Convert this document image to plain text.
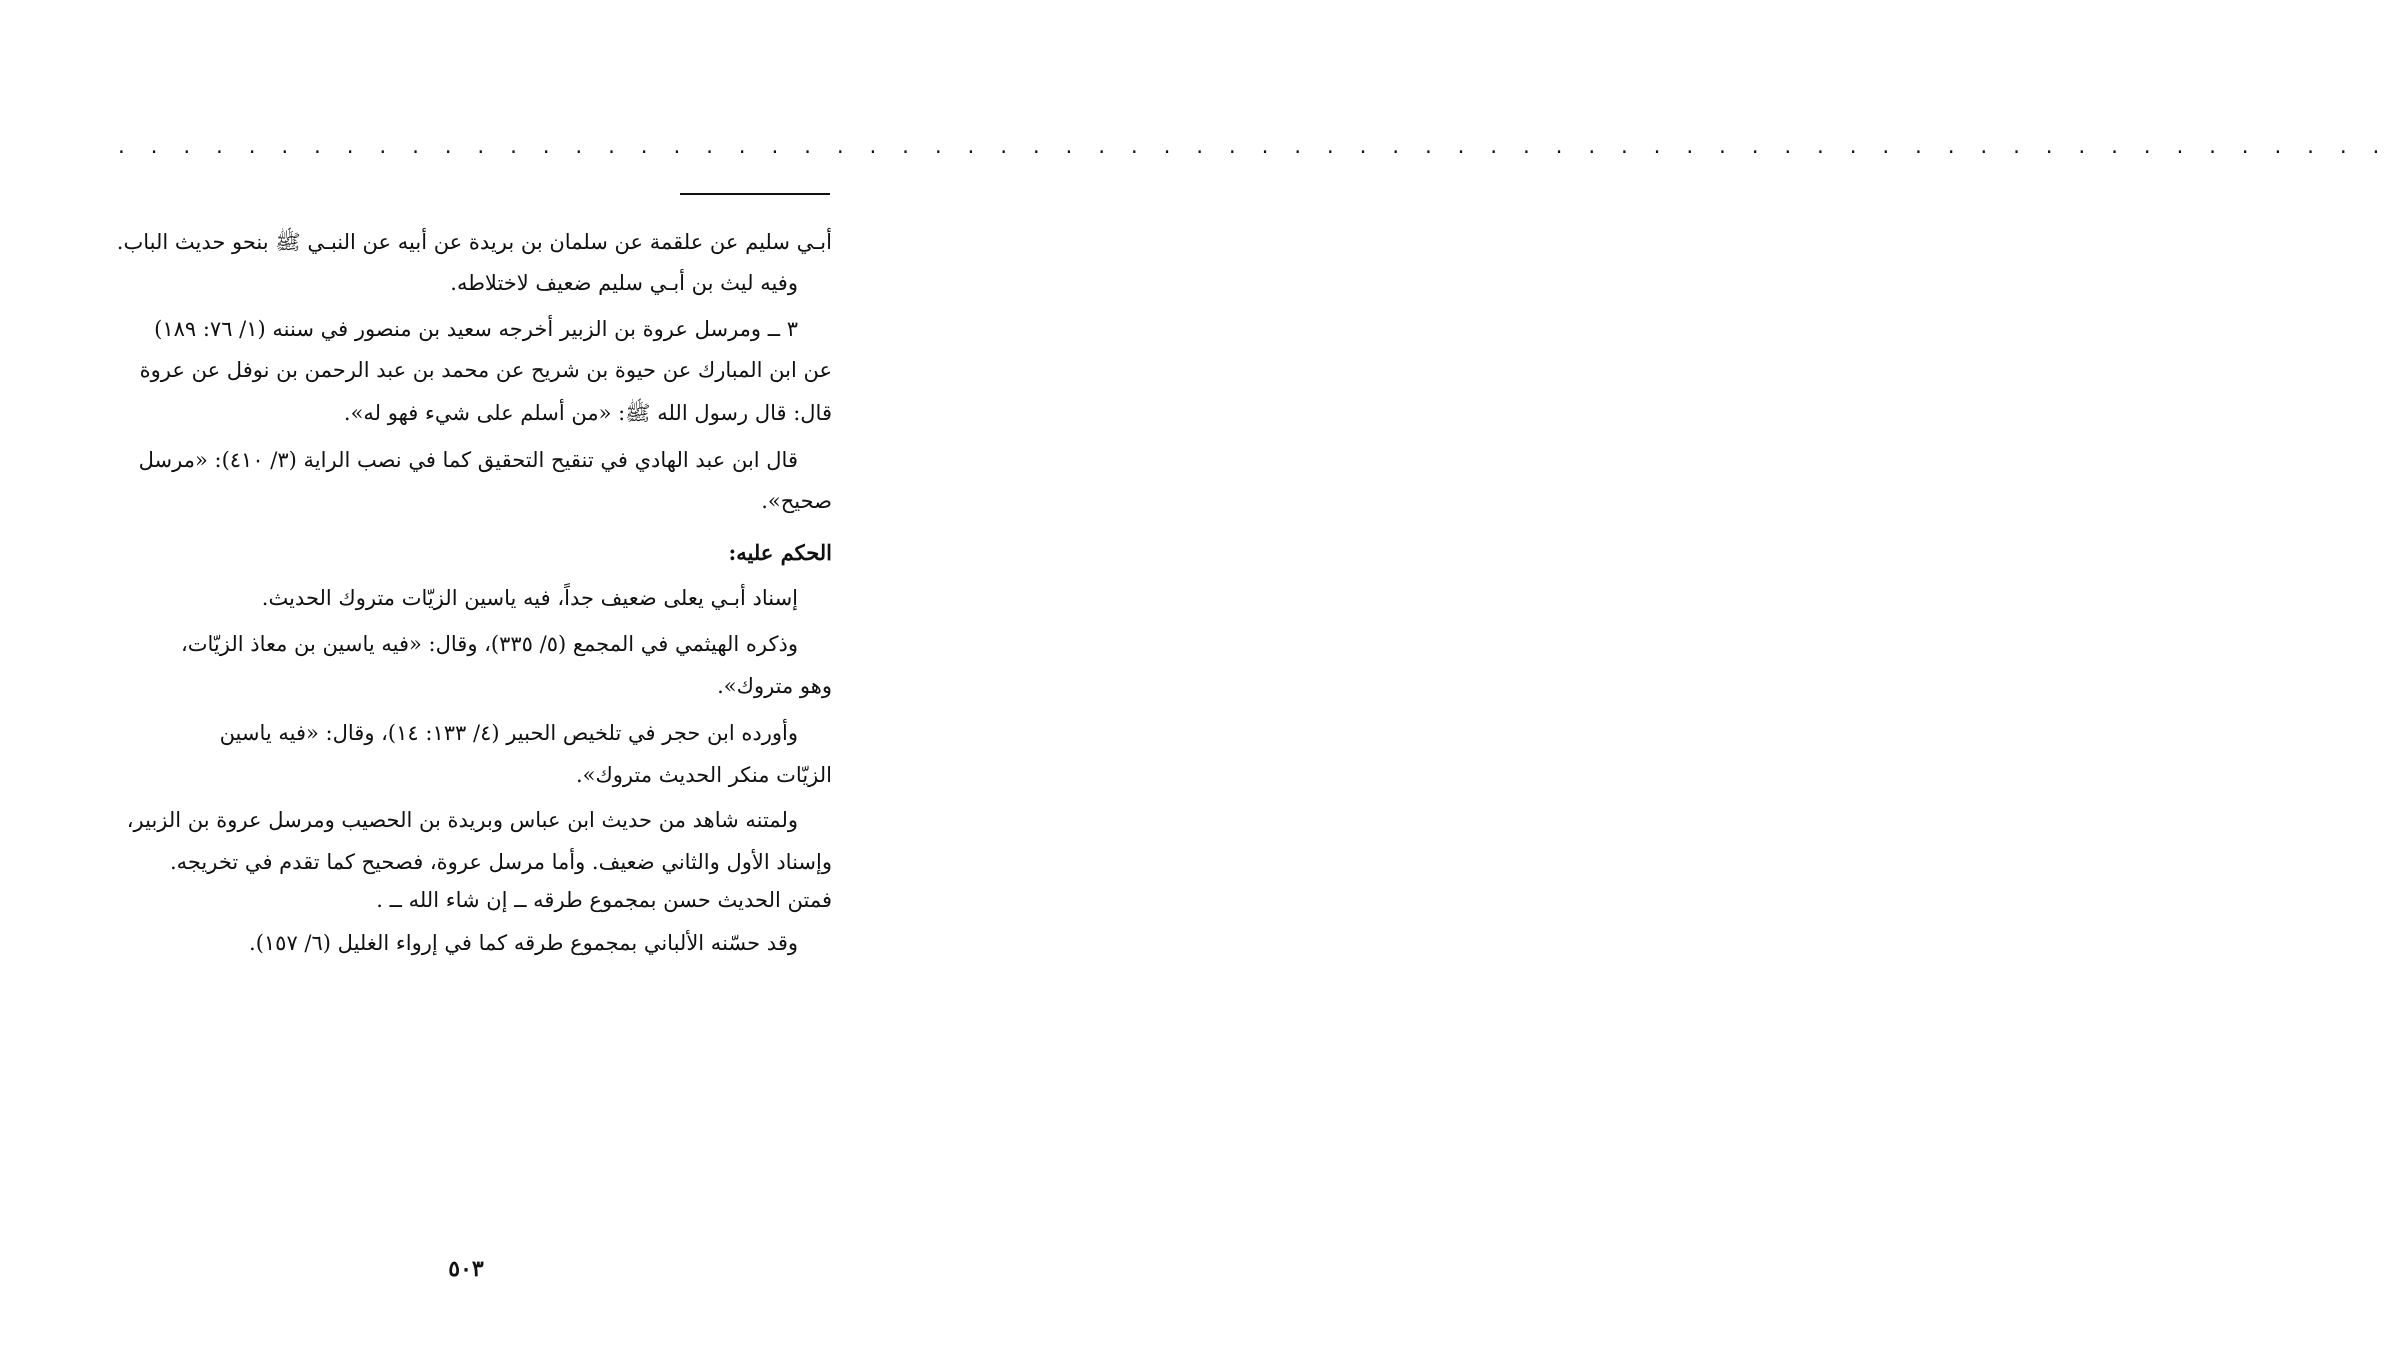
. . . . . . . . . . . . . . . . . . . . . . . . . . . . . . . . . . . . . . . . . . . . . . . . . . . . . . . . . . . . . . . . . . . . . .
أبـي سليم عن علقمة عن سلمان بن بريدة عن أبيه عن النبـي ﷺ بنحو حديث الباب.
وفيه ليث بن أبـي سليم ضعيف لاختلاطه.
٣ ــ ومرسل عروة بن الزبير أخرجه سعيد بن منصور في سننه (١/ ٧٦: ١٨٩)
عن ابن المبارك عن حيوة بن شريح عن محمد بن عبد الرحمن بن نوفل عن عروة
قال: قال رسول الله ﷺ: «من أسلم على شيء فهو له».
قال ابن عبد الهادي في تنقيح التحقيق كما في نصب الراية (٣/ ٤١٠): «مرسل
صحيح».
الحكم عليه:
إسناد أبـي يعلى ضعيف جداً، فيه ياسين الزيّات متروك الحديث.
وذكره الهيثمي في المجمع (٥/ ٣٣٥)، وقال: «فيه ياسين بن معاذ الزيّات،
وهو متروك».
وأورده ابن حجر في تلخيص الحبير (٤/ ١٣٣: ١٤)، وقال: «فيه ياسين
الزيّات منكر الحديث متروك».
ولمتنه شاهد من حديث ابن عباس وبريدة بن الحصيب ومرسل عروة بن الزبير،
وإسناد الأول والثاني ضعيف. وأما مرسل عروة، فصحيح كما تقدم في تخريجه.
فمتن الحديث حسن بمجموع طرقه ــ إن شاء الله ــ .
وقد حسّنه الألباني بمجموع طرقه كما في إرواء الغليل (٦/ ١٥٧).
٥٠٣
